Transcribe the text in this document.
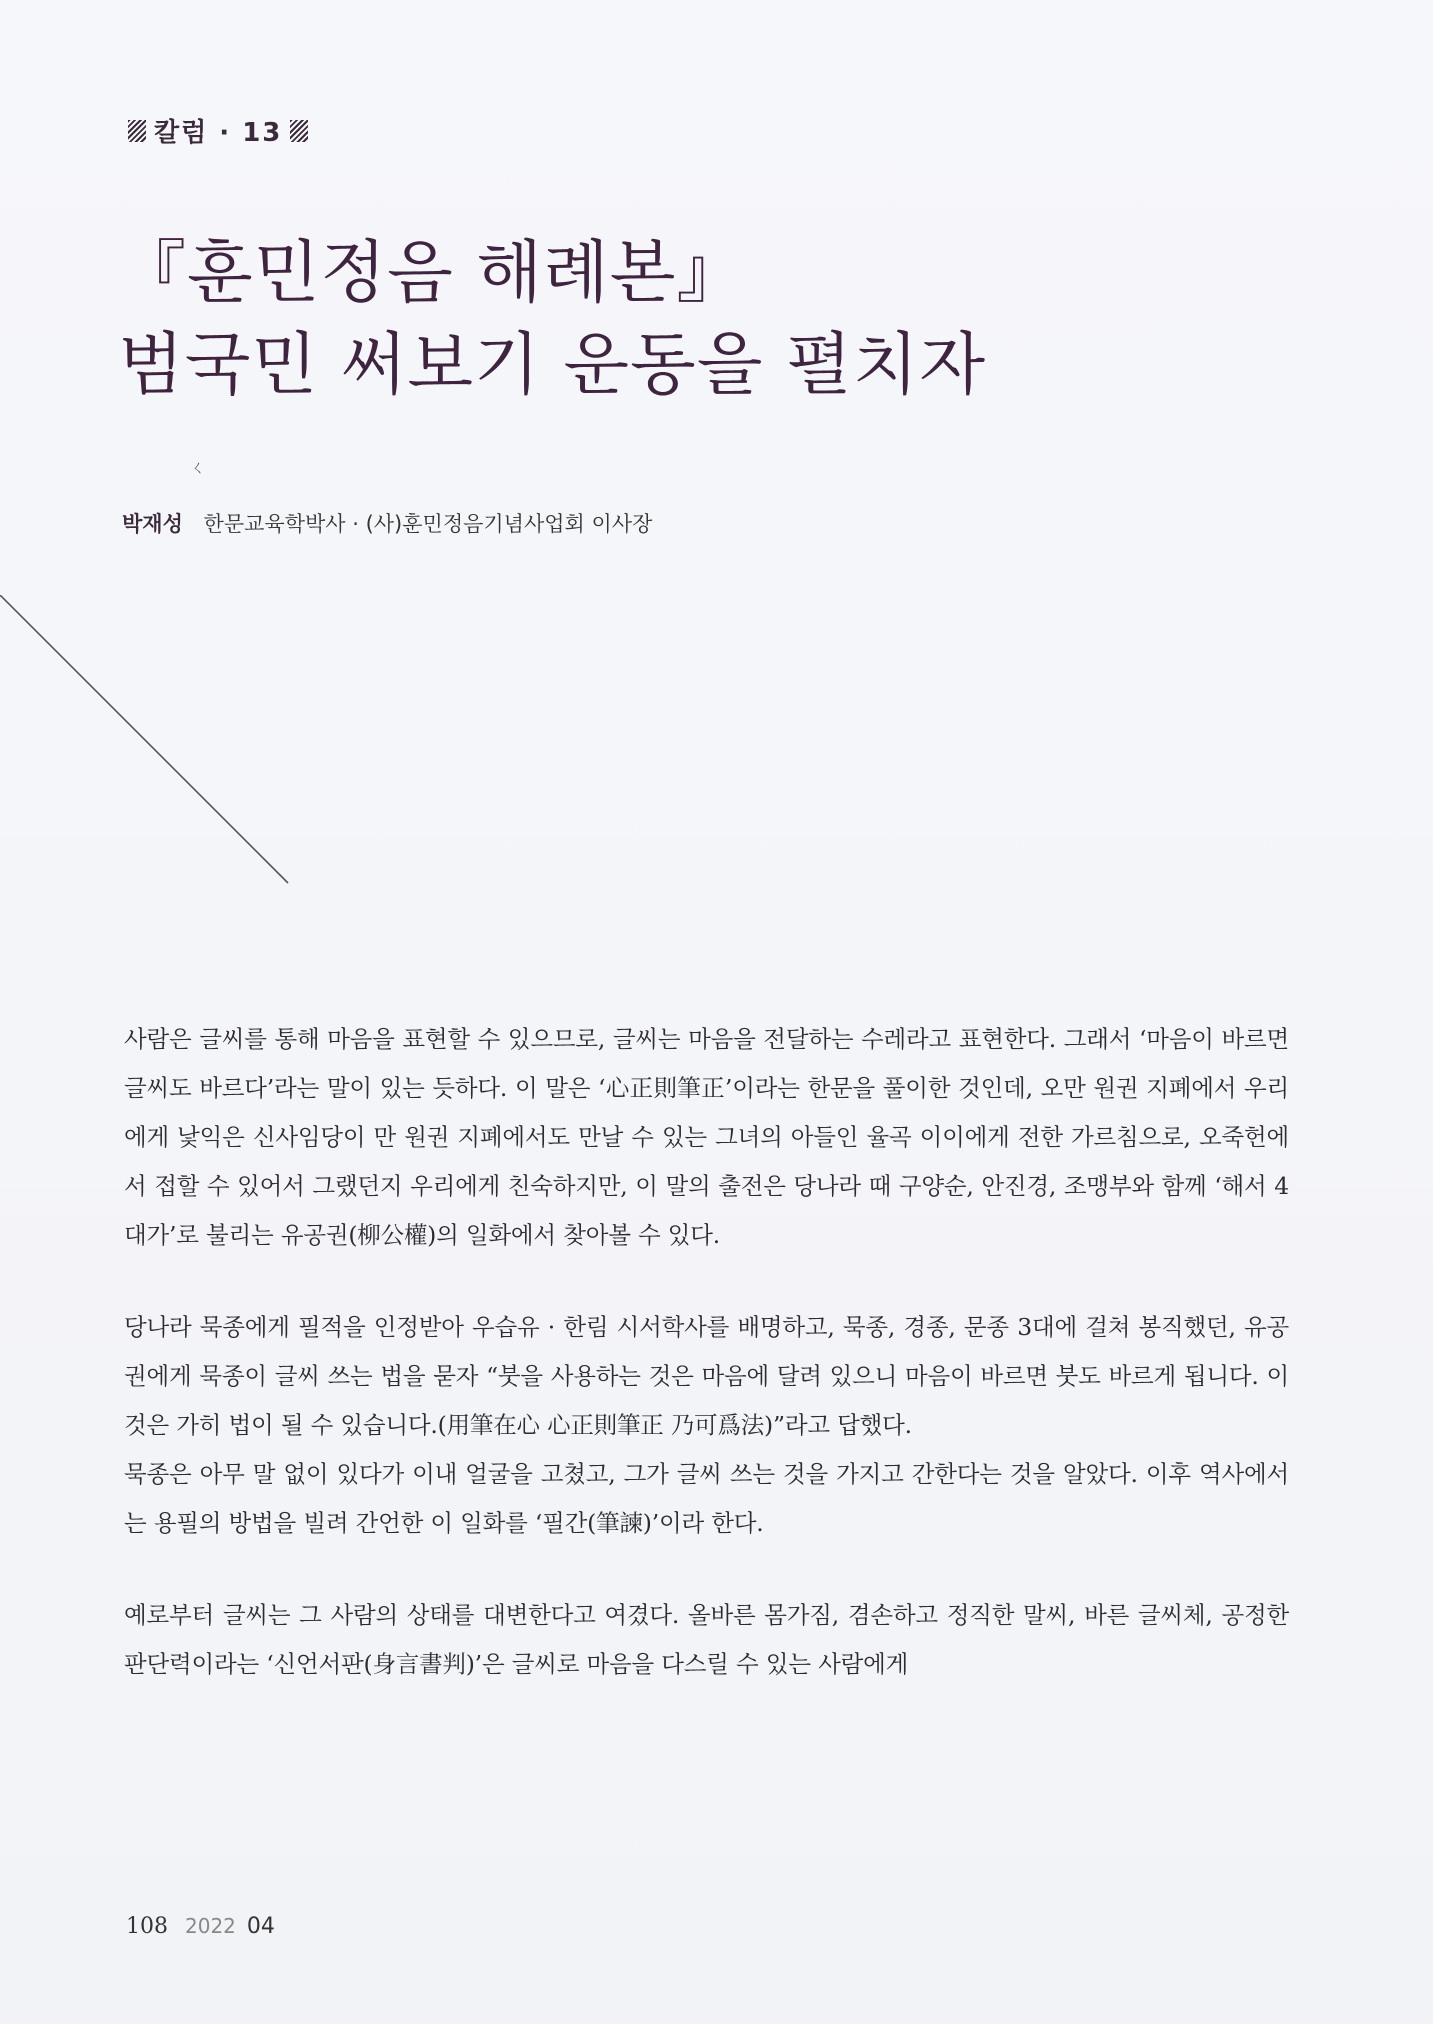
칼럼 · 13
『훈민정음 해례본』
범국민 써보기 운동을 펼치자
ㄑ
박재성 한문교육학박사 · (사)훈민정음기념사업회 이사장

사람은 글씨를 통해 마음을 표현할 수 있으므로, 글씨는 마음을 전달하는 수레라고 표현한다. 그래서 ‘마음이 바르면 글씨도 바르다’라는 말이 있는 듯하다. 이 말은 ‘心正則筆正’이라는 한문을 풀이한 것인데, 오만 원권 지폐에서 우리에게 낯익은 신사임당이 만 원권 지폐에서도 만날 수 있는 그녀의 아들인 율곡 이이에게 전한 가르침으로, 오죽헌에서 접할 수 있어서 그랬던지 우리에게 친숙하지만, 이 말의 출전은 당나라 때 구양순, 안진경, 조맹부와 함께 ‘해서 4대가’로 불리는 유공권(柳公權)의 일화에서 찾아볼 수 있다.

당나라 묵종에게 필적을 인정받아 우습유 · 한림 시서학사를 배명하고, 묵종, 경종, 문종 3대에 걸쳐 봉직했던, 유공권에게 묵종이 글씨 쓰는 법을 묻자 “붓을 사용하는 것은 마음에 달려 있으니 마음이 바르면 붓도 바르게 됩니다. 이것은 가히 법이 될 수 있습니다.(用筆在心 心正則筆正 乃可爲法)”라고 답했다.

묵종은 아무 말 없이 있다가 이내 얼굴을 고쳤고, 그가 글씨 쓰는 것을 가지고 간한다는 것을 알았다. 이후 역사에서는 용필의 방법을 빌려 간언한 이 일화를 ‘필간(筆諫)’이라 한다.

예로부터 글씨는 그 사람의 상태를 대변한다고 여겼다. 올바른 몸가짐, 겸손하고 정직한 말씨, 바른 글씨체, 공정한 판단력이라는 ‘신언서판(身言書判)’은 글씨로 마음을 다스릴 수 있는 사람에게

108 2022 04
